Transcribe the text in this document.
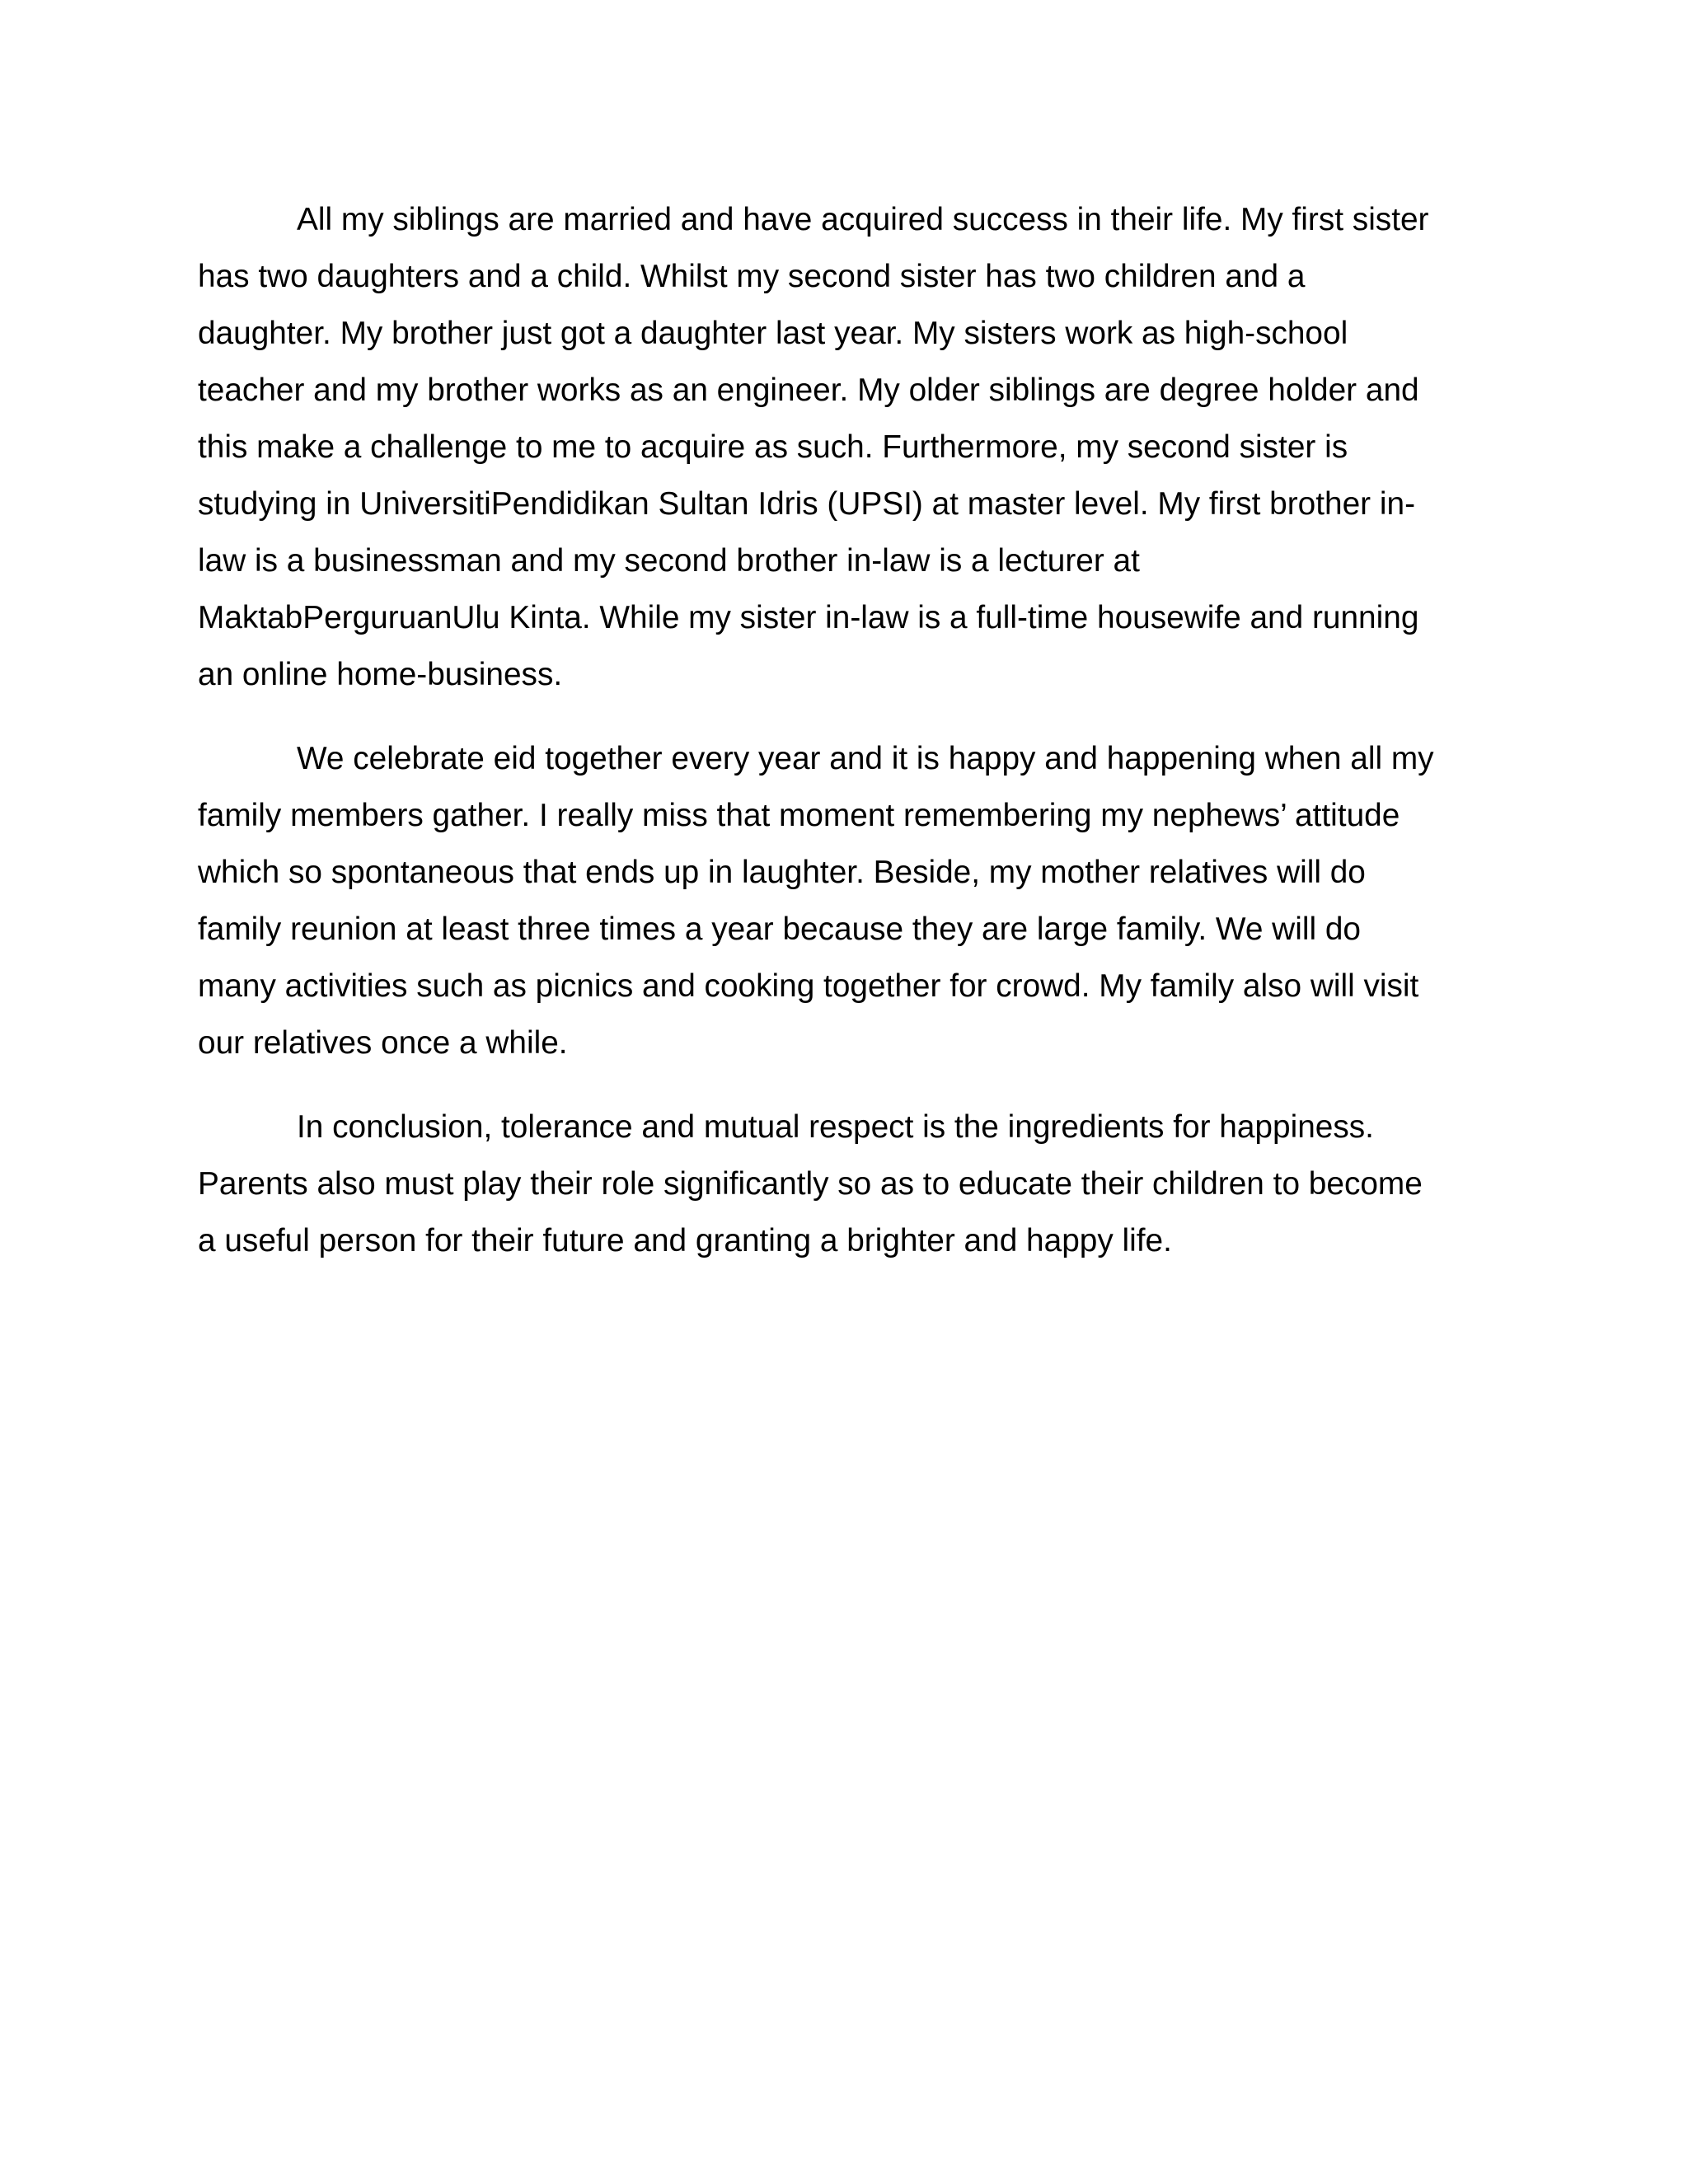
All my siblings are married and have acquired success in their life. My first sister
has two daughters and a child. Whilst my second sister has two children and a
daughter. My brother just got a daughter last year. My sisters work as high-school
teacher and my brother works as an engineer. My older siblings are degree holder and
this make a challenge to me to acquire as such. Furthermore, my second sister is
studying in UniversitiPendidikan Sultan Idris (UPSI) at master level. My first brother in-
law is a businessman and my second brother in-law is a lecturer at
MaktabPerguruanUlu Kinta. While my sister in-law is a full-time housewife and running
an online home-business.
We celebrate eid together every year and it is happy and happening when all my
family members gather. I really miss that moment remembering my nephews’ attitude
which so spontaneous that ends up in laughter. Beside, my mother relatives will do
family reunion at least three times a year because they are large family. We will do
many activities such as picnics and cooking together for crowd. My family also will visit
our relatives once a while.
In conclusion, tolerance and mutual respect is the ingredients for happiness.
Parents also must play their role significantly so as to educate their children to become
a useful person for their future and granting a brighter and happy life.
